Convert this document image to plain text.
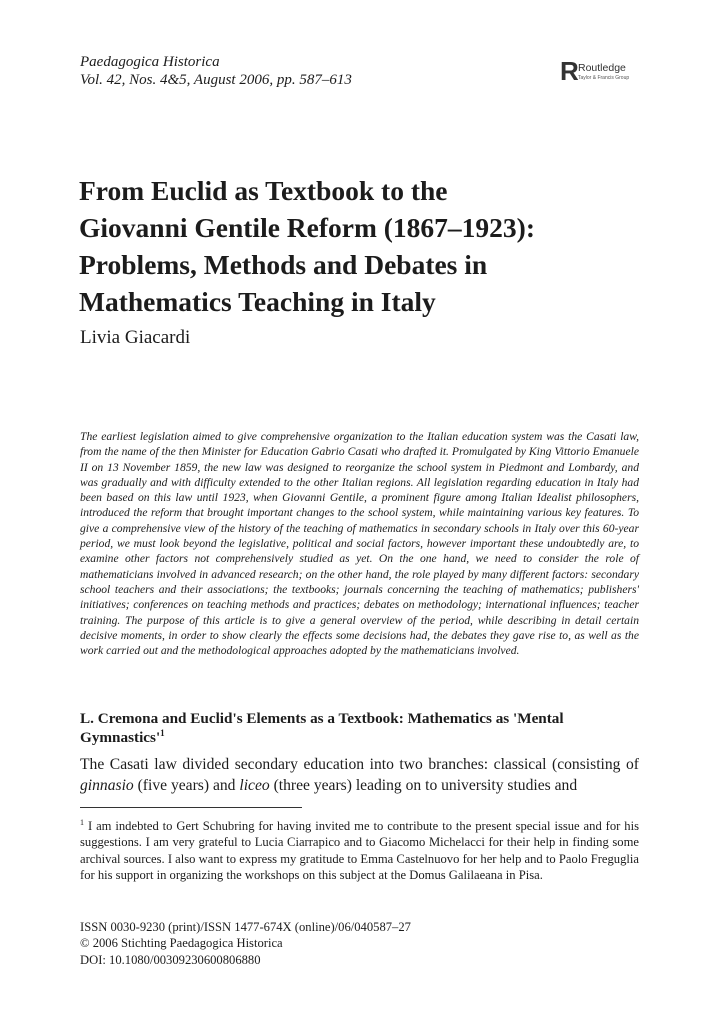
Paedagogica Historica
Vol. 42, Nos. 4&5, August 2006, pp. 587–613	R Routledge
Taylor & Francis Group
From Euclid as Textbook to the
Giovanni Gentile Reform (1867–1923):
Problems, Methods and Debates in
Mathematics Teaching in Italy
Livia Giacardi

The earliest legislation aimed to give comprehensive organization to the Italian education system was the Casati law, from the name of the then Minister for Education Gabrio Casati who drafted it. Promulgated by King Vittorio Emanuele II on 13 November 1859, the new law was designed to reorganize the school system in Piedmont and Lombardy, and was gradually and with difficulty extended to the other Italian regions. All legislation regarding education in Italy had been based on this law until 1923, when Giovanni Gentile, a prominent figure among Italian Idealist philosophers, introduced the reform that brought important changes to the school system, while maintaining various key features. To give a comprehensive view of the history of the teaching of mathematics in secondary schools in Italy over this 60-year period, we must look beyond the legislative, political and social factors, however important these undoubtedly are, to examine other factors not comprehensively studied as yet. On the one hand, we need to consider the role of mathematicians involved in advanced research; on the other hand, the role played by many different factors: secondary school teachers and their associations; the textbooks; journals concerning the teaching of mathematics; publishers' initiatives; conferences on teaching methods and practices; debates on methodology; international influences; teacher training. The purpose of this article is to give a general overview of the period, while describing in detail certain decisive moments, in order to show clearly the effects some decisions had, the debates they gave rise to, as well as the work carried out and the methodological approaches adopted by the mathematicians involved.

L. Cremona and Euclid's Elements as a Textbook: Mathematics as 'Mental $Gymnastics'^1$

The Casati law divided secondary education into two branches: classical (consisting of ginnasio (five years) and liceo (three years) leading on to university studies and

$^1$ I am indebted to Gert Schubring for having invited me to contribute to the present special issue and for his suggestions. I am very grateful to Lucia Ciarrapico and to Giacomo Michelacci for their help in finding some archival sources. I also want to express my gratitude to Emma Castelnuovo for her help and to Paolo Freguglia for his support in organizing the workshops on this subject at the Domus Galilaeana in Pisa.

ISSN 0030-9230 (print)/ISSN 1477-674X (online)/06/040587–27
© 2006 Stichting Paedagogica Historica
DOI: 10.1080/00309230600806880
